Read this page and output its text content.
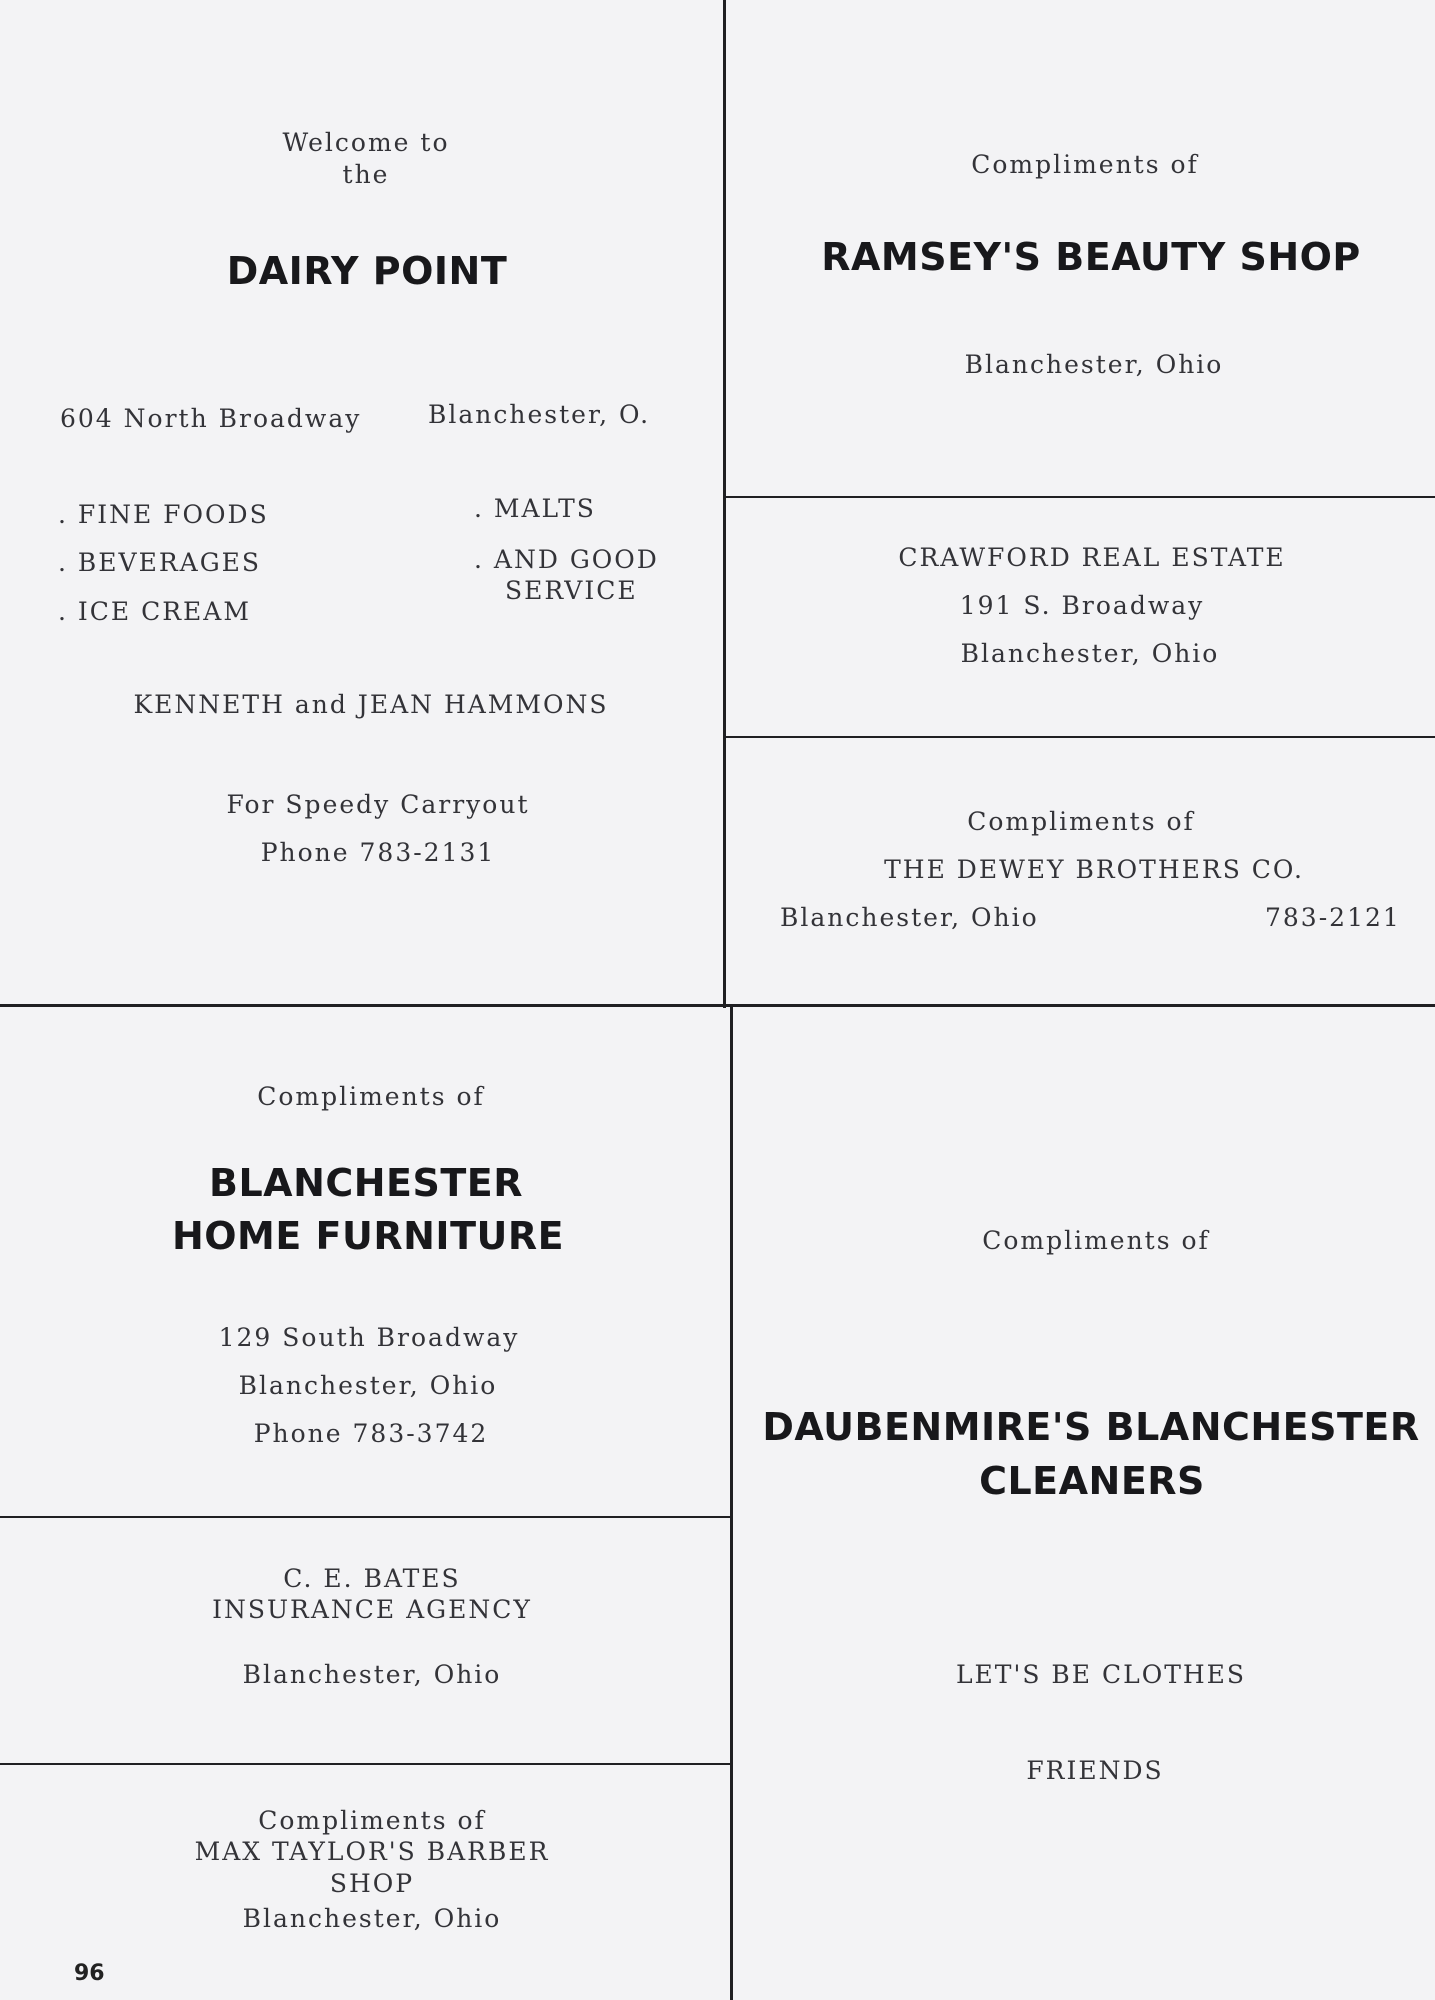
Welcome to
the
DAIRY POINT
604 North Broadway	Blanchester, O.
. FINE FOODS
. BEVERAGES
. ICE CREAM
. MALTS
. AND GOOD
SERVICE
KENNETH and JEAN HAMMONS
For Speedy Carryout
Phone 783-2131
Compliments of
RAMSEY'S BEAUTY SHOP
Blanchester, Ohio
CRAWFORD REAL ESTATE
191 S. Broadway
Blanchester, Ohio
Compliments of
THE DEWEY BROTHERS CO.
Blanchester, Ohio	783-2121
Compliments of
BLANCHESTER
HOME FURNITURE
129 South Broadway
Blanchester, Ohio
Phone 783-3742
Compliments of
DAUBENMIRE'S BLANCHESTER
CLEANERS
LET'S BE CLOTHES
FRIENDS
C. E. BATES
INSURANCE AGENCY
Blanchester, Ohio
Compliments of
MAX TAYLOR'S BARBER
SHOP
Blanchester, Ohio
96
